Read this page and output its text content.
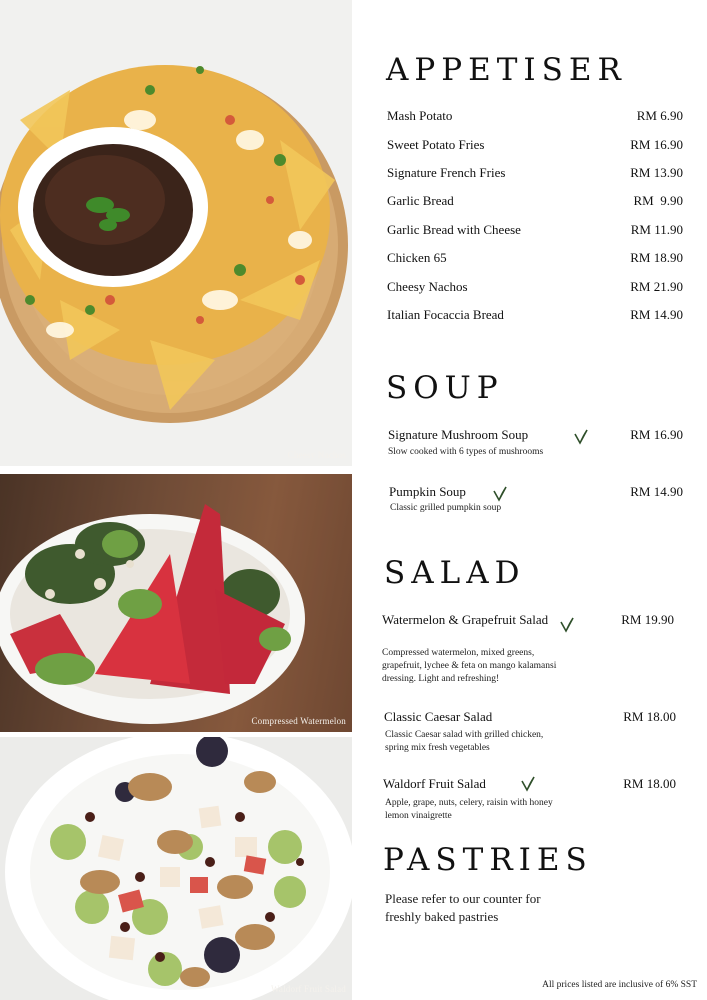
Cheesy Nachos
Compressed Watermelon
Waldorf Fruit Salad
APPETISER
Mash Potato	RM 6.90
Sweet Potato Fries	RM 16.90
Signature French Fries	RM 13.90
Garlic Bread	RM  9.90
Garlic Bread with Cheese	RM 11.90
Chicken 65	RM 18.90
Cheesy Nachos	RM 21.90
Italian Focaccia Bread	RM 14.90
SOUP
Signature Mushroom Soup	RM 16.90
Slow cooked with 6 types of mushrooms
Pumpkin Soup	RM 14.90
Classic grilled pumpkin soup
SALAD
Watermelon & Grapefruit Salad	RM 19.90
Compressed watermelon, mixed greens,
grapefruit, lychee & feta on mango kalamansi
dressing. Light and refreshing!
Classic Caesar Salad	RM 18.00
Classic Caesar salad with grilled chicken,
spring mix fresh vegetables
Waldorf Fruit Salad	RM 18.00
Apple, grape, nuts, celery, raisin with honey
lemon vinaigrette
PASTRIES
Please refer to our counter for
freshly baked pastries
All prices listed are inclusive of 6% SST
